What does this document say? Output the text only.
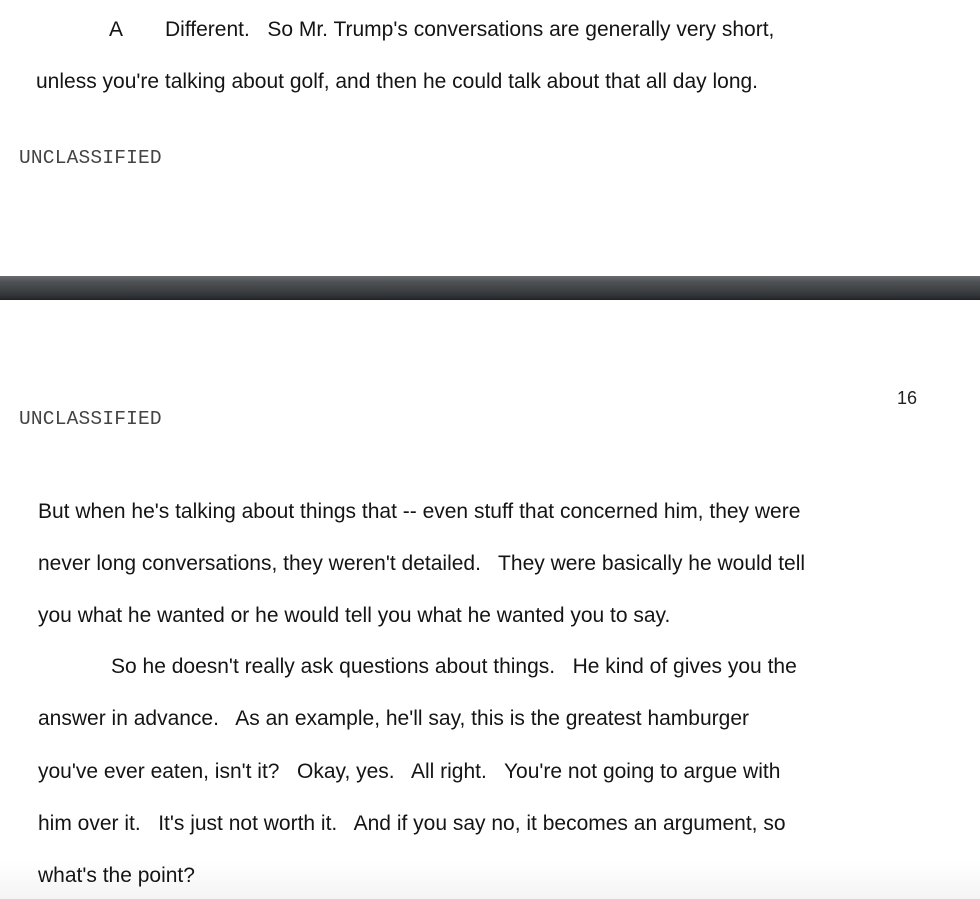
A Different.   So Mr. Trump's conversations are generally very short,
unless you're talking about golf, and then he could talk about that all day long.
UNCLASSIFIED
16
UNCLASSIFIED
But when he's talking about things that -- even stuff that concerned him, they were
never long conversations, they weren't detailed.   They were basically he would tell
you what he wanted or he would tell you what he wanted you to say.
So he doesn't really ask questions about things.   He kind of gives you the
answer in advance.   As an example, he'll say, this is the greatest hamburger
you've ever eaten, isn't it?   Okay, yes.   All right.   You're not going to argue with
him over it.   It's just not worth it.   And if you say no, it becomes an argument, so
what's the point?
